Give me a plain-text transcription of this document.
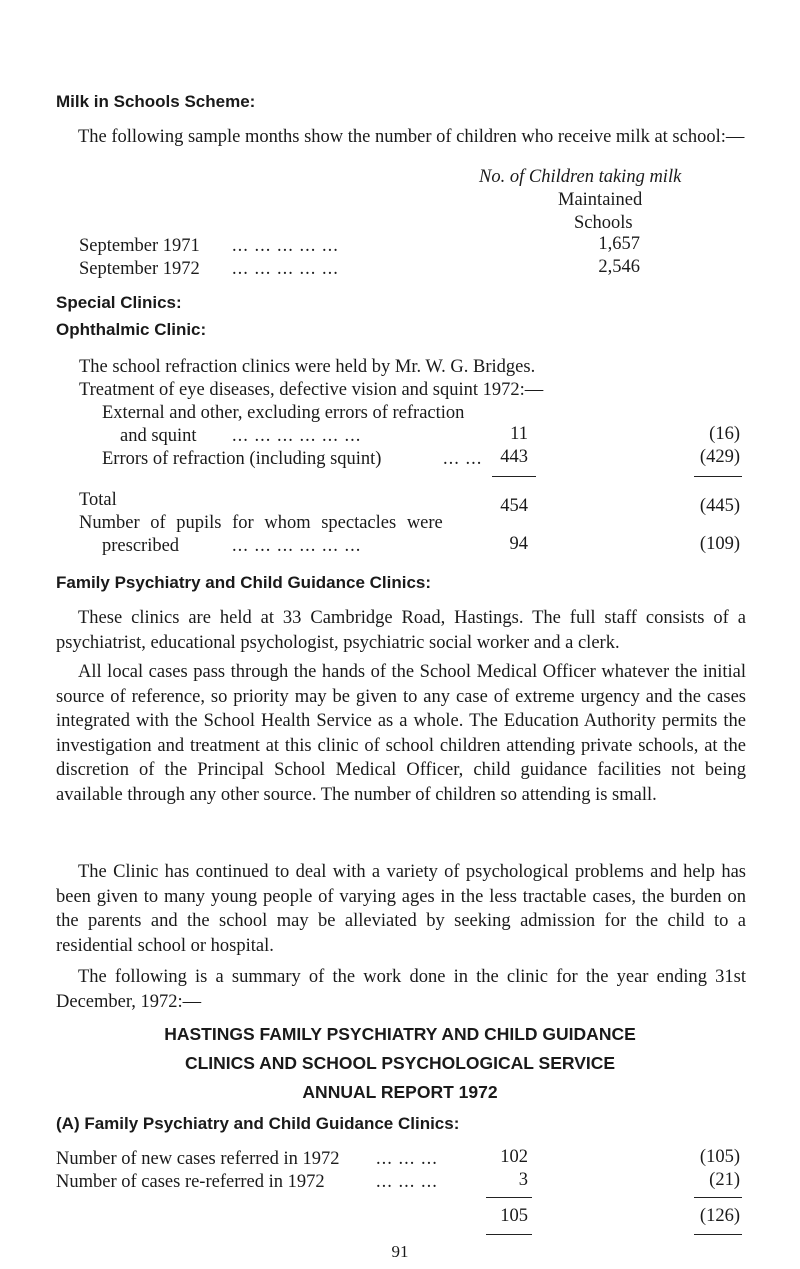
Milk in Schools Scheme:
The following sample months show the number of children who receive milk at school:—
No. of Children taking milk
Maintained
Schools
September 1971 ... ... ... ... ...	1,657
September 1972 ... ... ... ... ...	2,546
Special Clinics:
Ophthalmic Clinic:
The school refraction clinics were held by Mr. W. G. Bridges.
Treatment of eye diseases, defective vision and squint 1972:—
External and other, excluding errors of refraction
and squint ... ... ... ... ... ...	11	(16)
Errors of refraction (including squint)	... ... 443	(429)
Total	454	(445)
Number of pupils for whom spectacles were
prescribed	... ... ... ... ... ...	94	(109)
Family Psychiatry and Child Guidance Clinics:
These clinics are held at 33 Cambridge Road, Hastings. The full staff consists of a psychiatrist, educational psychologist, psychiatric social worker and a clerk.
All local cases pass through the hands of the School Medical Officer whatever the initial source of reference, so priority may be given to any case of extreme urgency and the cases integrated with the School Health Service as a whole. The Education Authority permits the investigation and treatment at this clinic of school children attending private schools, at the discretion of the Principal School Medical Officer, child guidance facilities not being available through any other source. The number of children so attending is small.
The Clinic has continued to deal with a variety of psychological problems and help has been given to many young people of varying ages in the less tractable cases, the burden on the parents and the school may be alleviated by seeking admission for the child to a residential school or hospital.
The following is a summary of the work done in the clinic for the year ending 31st December, 1972:—
HASTINGS FAMILY PSYCHIATRY AND CHILD GUIDANCE
CLINICS AND SCHOOL PSYCHOLOGICAL SERVICE
ANNUAL REPORT 1972
(A) Family Psychiatry and Child Guidance Clinics:
Number of new cases referred in 1972 ... ... ...	102	(105)
Number of cases re-referred in 1972	... ... ...	3	(21)
105	(126)
91
